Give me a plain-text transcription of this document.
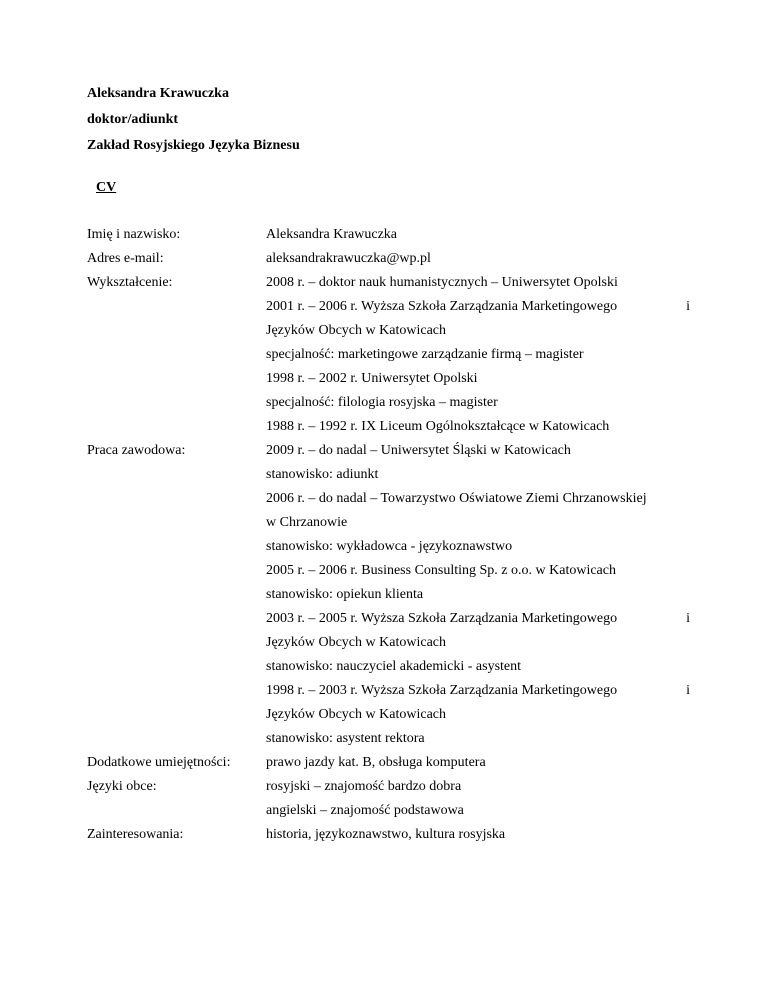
Aleksandra Krawuczka
doktor/adiunkt
Zakład Rosyjskiego Języka Biznesu
CV
Imię i nazwisko:	Aleksandra Krawuczka
Adres e-mail:	aleksandrakrawuczka@wp.pl
Wykształcenie:	2008 r. – doktor nauk humanistycznych – Uniwersytet Opolski
2001 r. – 2006 r. Wyższa Szkoła Zarządzania Marketingowego	i
Języków Obcych w Katowicach
specjalność: marketingowe zarządzanie firmą – magister
1998 r. – 2002 r. Uniwersytet Opolski
specjalność: filologia rosyjska – magister
1988 r. – 1992 r. IX Liceum Ogólnokształcące w Katowicach
Praca zawodowa:	2009 r. – do nadal – Uniwersytet Śląski w Katowicach
stanowisko: adiunkt
2006 r. – do nadal – Towarzystwo Oświatowe Ziemi Chrzanowskiej
w Chrzanowie
stanowisko: wykładowca - językoznawstwo
2005 r. – 2006 r. Business Consulting Sp. z o.o. w Katowicach
stanowisko: opiekun klienta
2003 r. – 2005 r. Wyższa Szkoła Zarządzania Marketingowego	i
Języków Obcych w Katowicach
stanowisko: nauczyciel akademicki - asystent
1998 r. – 2003 r. Wyższa Szkoła Zarządzania Marketingowego	i
Języków Obcych w Katowicach
stanowisko: asystent rektora
Dodatkowe umiejętności:	prawo jazdy kat. B, obsługa komputera
Języki obce:	rosyjski – znajomość bardzo dobra
angielski – znajomość podstawowa
Zainteresowania:	historia, językoznawstwo, kultura rosyjska
